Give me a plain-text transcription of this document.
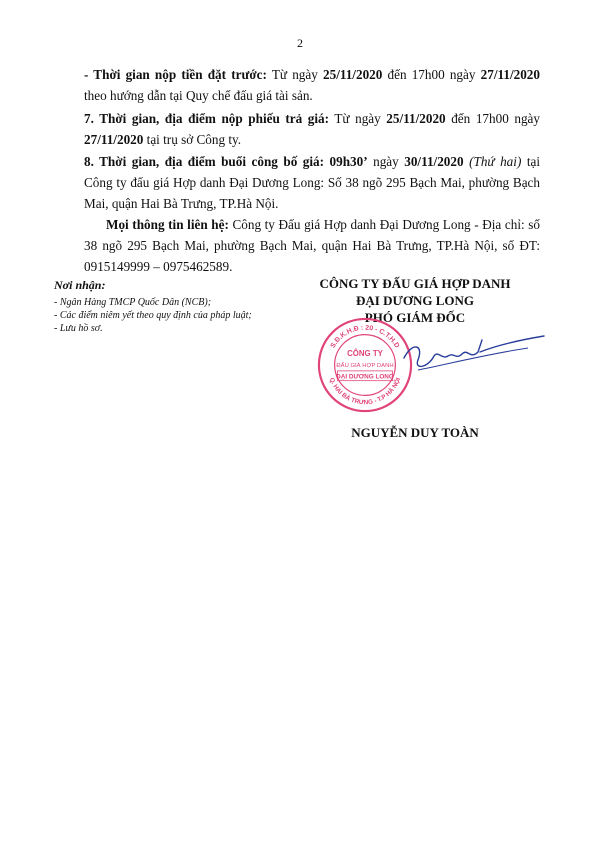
2

- Thời gian nộp tiền đặt trước: Từ ngày 25/11/2020 đến 17h00 ngày 27/11/2020 theo hướng dẫn tại Quy chế đấu giá tài sản.

7. Thời gian, địa điểm nộp phiếu trả giá: Từ ngày 25/11/2020 đến 17h00 ngày 27/11/2020 tại trụ sở Công ty.

8. Thời gian, địa điểm buổi công bố giá: 09h30’ ngày 30/11/2020 (Thứ hai) tại Công ty đấu giá Hợp danh Đại Dương Long: Số 38 ngõ 295 Bạch Mai, phường Bạch Mai, quận Hai Bà Trưng, TP.Hà Nội.

Mọi thông tin liên hệ: Công ty Đấu giá Hợp danh Đại Dương Long - Địa chỉ: số 38 ngõ 295 Bạch Mai, phường Bạch Mai, quận Hai Bà Trưng, TP.Hà Nội, số ĐT: 0915149999 – 0975462589.

Nơi nhận:
- Ngân Hàng TMCP Quốc Dân (NCB);
- Các điểm niêm yết theo quy định của pháp luật;
- Lưu hồ sơ.
CÔNG TY ĐẤU GIÁ HỢP DANH
ĐẠI DƯƠNG LONG
PHÓ GIÁM ĐỐC
NGUYỄN DUY TOÀN
S.Đ.K.H.Đ : 20 - C.T.H.D
Q. HAI BÀ TRƯNG - T.P HÀ NỘI
CÔNG TY
ĐẤU GIÁ HỢP DANH
ĐẠI DƯƠNG LONG
